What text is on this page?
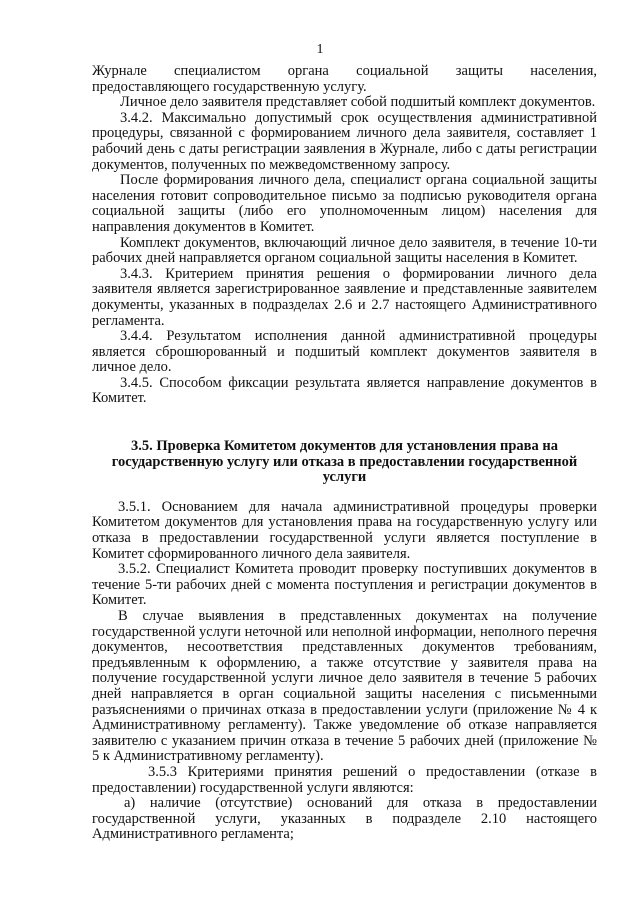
1

Журнале специалистом органа социальной защиты населения, предоставляющего государственную услугу.

Личное дело заявителя представляет собой подшитый комплект документов.

3.4.2. Максимально допустимый срок осуществления административной процедуры, связанной с формированием личного дела заявителя, составляет 1 рабочий день с даты регистрации заявления в Журнале, либо с даты регистрации документов, полученных по межведомственному запросу.

После формирования личного дела, специалист органа социальной защиты населения готовит сопроводительное письмо за подписью руководителя органа социальной защиты (либо его уполномоченным лицом) населения для направления документов в Комитет.

Комплект документов, включающий личное дело заявителя, в течение 10-ти рабочих дней направляется органом социальной защиты населения в Комитет.

3.4.3. Критерием принятия решения о формировании личного дела заявителя является зарегистрированное заявление и представленные заявителем документы, указанных в подразделах 2.6 и 2.7 настоящего Административного регламента.

3.4.4. Результатом исполнения данной административной процедуры является сброшюрованный и подшитый комплект документов заявителя в личное дело.

3.4.5. Способом фиксации результата является направление документов в Комитет.

3.5. Проверка Комитетом документов для установления права на государственную услугу или отказа в предоставлении государственной услуги

3.5.1. Основанием для начала административной процедуры проверки Комитетом документов для установления права на государственную услугу или отказа в предоставлении государственной услуги является поступление в Комитет сформированного личного дела заявителя.

3.5.2. Специалист Комитета проводит проверку поступивших документов в течение 5-ти рабочих дней с момента поступления и регистрации документов в Комитет.

В случае выявления в представленных документах на получение государственной услуги неточной или неполной информации, неполного перечня документов, несоответствия представленных документов требованиям, предъявленным к оформлению, а также отсутствие у заявителя права на получение государственной услуги личное дело заявителя в течение 5 рабочих дней направляется в орган социальной защиты населения с письменными разъяснениями о причинах отказа в предоставлении услуги (приложение № 4 к Административному регламенту). Также уведомление об отказе направляется заявителю с указанием причин отказа в течение 5 рабочих дней (приложение № 5 к Административному регламенту).

3.5.3 Критериями принятия решений о предоставлении (отказе в предоставлении) государственной услуги являются:

а) наличие (отсутствие) оснований для отказа в предоставлении государственной услуги, указанных в подразделе 2.10 настоящего Административного регламента;
